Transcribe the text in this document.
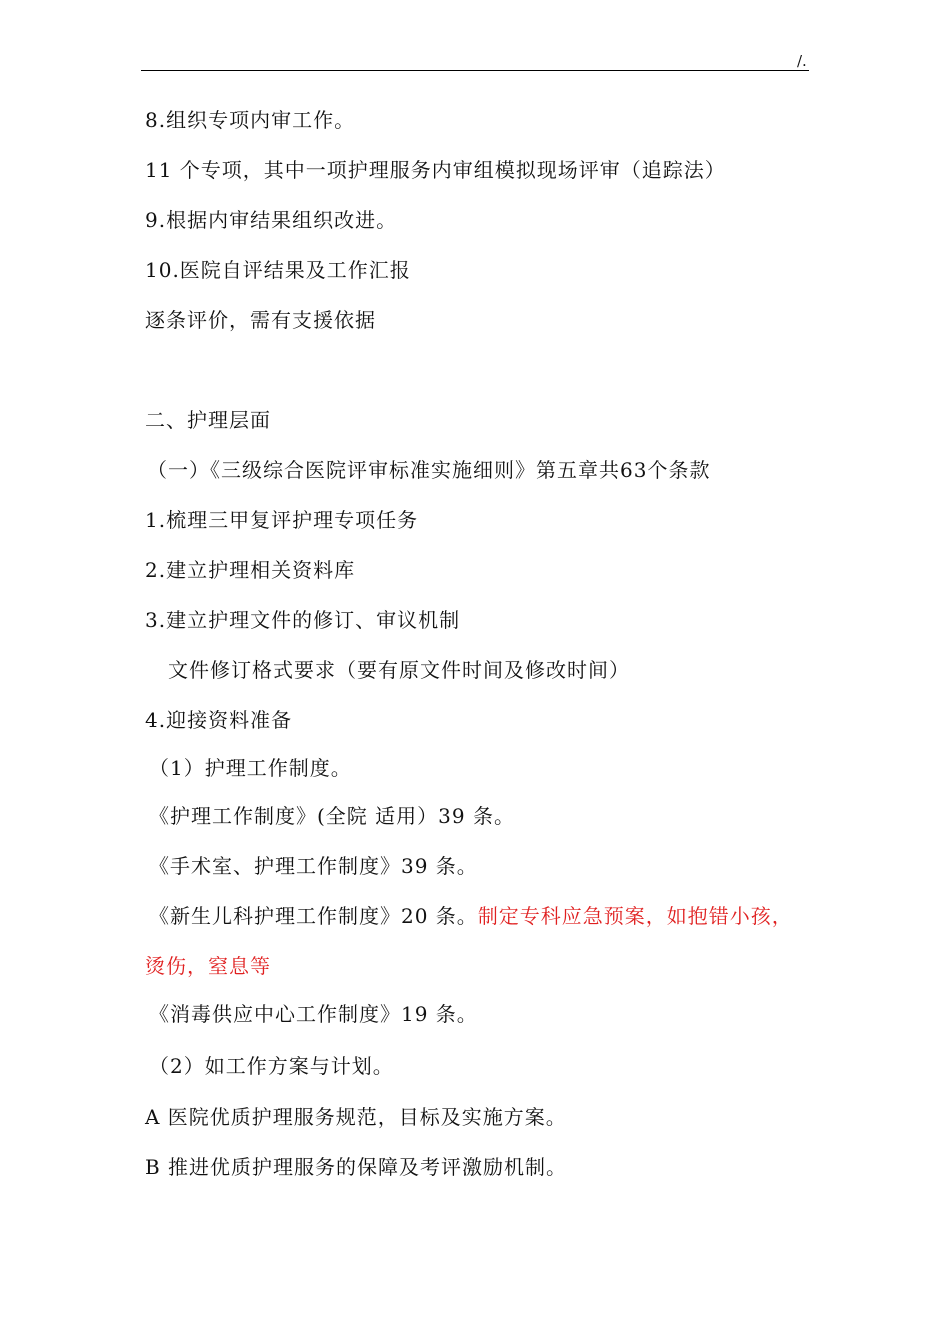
/.
8.组织专项内审工作。
11 个专项，其中一项护理服务内审组模拟现场评审（追踪法）
9.根据内审结果组织改进。
10.医院自评结果及工作汇报
逐条评价，需有支援依据
二、护理层面
（一）《三级综合医院评审标准实施细则》第五章共63个条款
1.梳理三甲复评护理专项任务
2.建立护理相关资料库
3.建立护理文件的修订、审议机制
文件修订格式要求（要有原文件时间及修改时间）
4.迎接资料准备
（1）护理工作制度。
《护理工作制度》(全院 适用）39 条。
《手术室、护理工作制度》39 条。
《新生儿科护理工作制度》20 条。制定专科应急预案，如抱错小孩，
烫伤，窒息等
《消毒供应中心工作制度》19 条。
（2）如工作方案与计划。
A 医院优质护理服务规范，目标及实施方案。
B 推进优质护理服务的保障及考评激励机制。
